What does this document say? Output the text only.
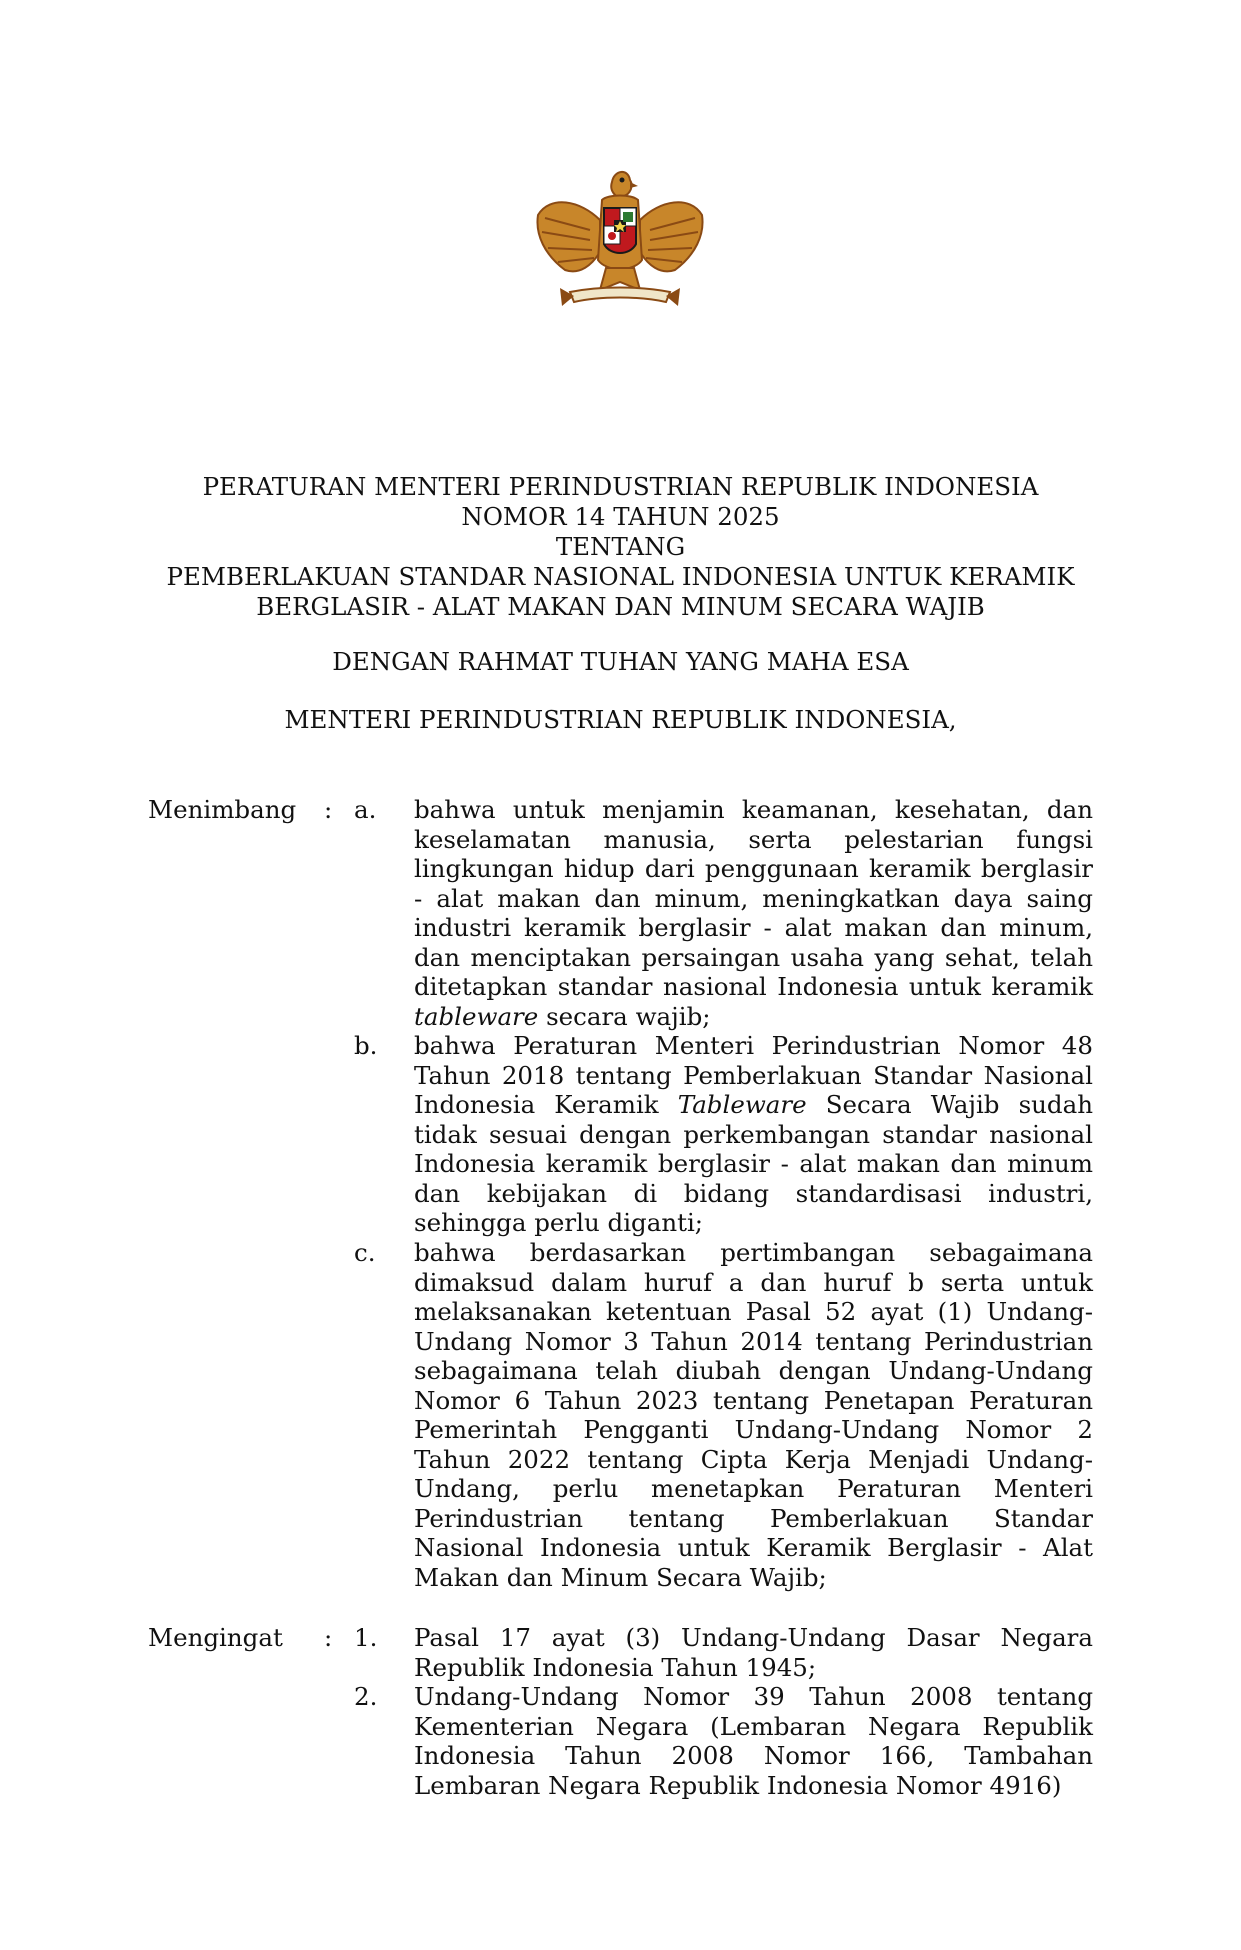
PERATURAN MENTERI PERINDUSTRIAN REPUBLIK INDONESIA
NOMOR 14 TAHUN 2025
TENTANG
PEMBERLAKUAN STANDAR NASIONAL INDONESIA UNTUK KERAMIK
BERGLASIR - ALAT MAKAN DAN MINUM SECARA WAJIB
DENGAN RAHMAT TUHAN YANG MAHA ESA
MENTERI PERINDUSTRIAN REPUBLIK INDONESIA,
Menimbang : a. bahwa untuk menjamin keamanan, kesehatan, dan keselamatan manusia, serta pelestarian fungsi lingkungan hidup dari penggunaan keramik berglasir - alat makan dan minum, meningkatkan daya saing industri keramik berglasir - alat makan dan minum, dan menciptakan persaingan usaha yang sehat, telah ditetapkan standar nasional Indonesia untuk keramik tableware secara wajib;
b. bahwa Peraturan Menteri Perindustrian Nomor 48 Tahun 2018 tentang Pemberlakuan Standar Nasional Indonesia Keramik Tableware Secara Wajib sudah tidak sesuai dengan perkembangan standar nasional Indonesia keramik berglasir - alat makan dan minum dan kebijakan di bidang standardisasi industri, sehingga perlu diganti;
c. bahwa berdasarkan pertimbangan sebagaimana dimaksud dalam huruf a dan huruf b serta untuk melaksanakan ketentuan Pasal 52 ayat (1) Undang-Undang Nomor 3 Tahun 2014 tentang Perindustrian sebagaimana telah diubah dengan Undang-Undang Nomor 6 Tahun 2023 tentang Penetapan Peraturan Pemerintah Pengganti Undang-Undang Nomor 2 Tahun 2022 tentang Cipta Kerja Menjadi Undang-Undang, perlu menetapkan Peraturan Menteri Perindustrian tentang Pemberlakuan Standar Nasional Indonesia untuk Keramik Berglasir - Alat Makan dan Minum Secara Wajib;
Mengingat : 1. Pasal 17 ayat (3) Undang-Undang Dasar Negara Republik Indonesia Tahun 1945;
2. Undang-Undang Nomor 39 Tahun 2008 tentang Kementerian Negara (Lembaran Negara Republik Indonesia Tahun 2008 Nomor 166, Tambahan Lembaran Negara Republik Indonesia Nomor 4916)
